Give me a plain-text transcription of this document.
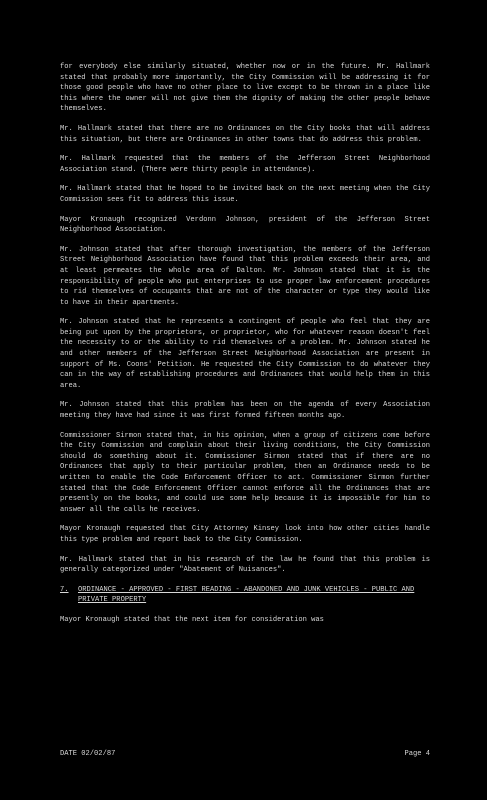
for everybody else similarly situated, whether now or in the future. Mr. Hallmark stated that probably more importantly, the City Commission will be addressing it for those good people who have no other place to live except to be thrown in a place like this where the owner will not give them the dignity of making the other people behave themselves.

Mr. Hallmark stated that there are no Ordinances on the City books that will address this situation, but there are Ordinances in other towns that do address this problem.

Mr. Hallmark requested that the members of the Jefferson Street Neighborhood Association stand. (There were thirty people in attendance).

Mr. Hallmark stated that he hoped to be invited back on the next meeting when the City Commission sees fit to address this issue.

Mayor Kronaugh recognized Verdonn Johnson, president of the Jefferson Street Neighborhood Association.

Mr. Johnson stated that after thorough investigation, the members of the Jefferson Street Neighborhood Association have found that this problem exceeds their area, and at least permeates the whole area of Dalton. Mr. Johnson stated that it is the responsibility of people who put enterprises to use proper law enforcement procedures to rid themselves of occupants that are not of the character or type they would like to have in their apartments.

Mr. Johnson stated that he represents a contingent of people who feel that they are being put upon by the proprietors, or proprietor, who for whatever reason doesn't feel the necessity to or the ability to rid themselves of a problem. Mr. Johnson stated he and other members of the Jefferson Street Neighborhood Association are present in support of Ms. Coons' Petition. He requested the City Commission to do whatever they can in the way of establishing procedures and Ordinances that would help them in this area.

Mr. Johnson stated that this problem has been on the agenda of every Association meeting they have had since it was first formed fifteen months ago.

Commissioner Sirmon stated that, in his opinion, when a group of citizens come before the City Commission and complain about their living conditions, the City Commission should do something about it. Commissioner Sirmon stated that if there are no Ordinances that apply to their particular problem, then an Ordinance needs to be written to enable the Code Enforcement Officer to act. Commissioner Sirmon further stated that the Code Enforcement Officer cannot enforce all the Ordinances that are presently on the books, and could use some help because it is impossible for him to answer all the calls he receives.

Mayor Kronaugh requested that City Attorney Kinsey look into how other cities handle this type problem and report back to the City Commission.

Mr. Hallmark stated that in his research of the law he found that this problem is generally categorized under "Abatement of Nuisances".

7.	ORDINANCE - APPROVED - FIRST READING - ABANDONED AND JUNK VEHICLES - PUBLIC AND PRIVATE PROPERTY

Mayor Kronaugh stated that the next item for consideration was

DATE 02/02/87	Page 4
